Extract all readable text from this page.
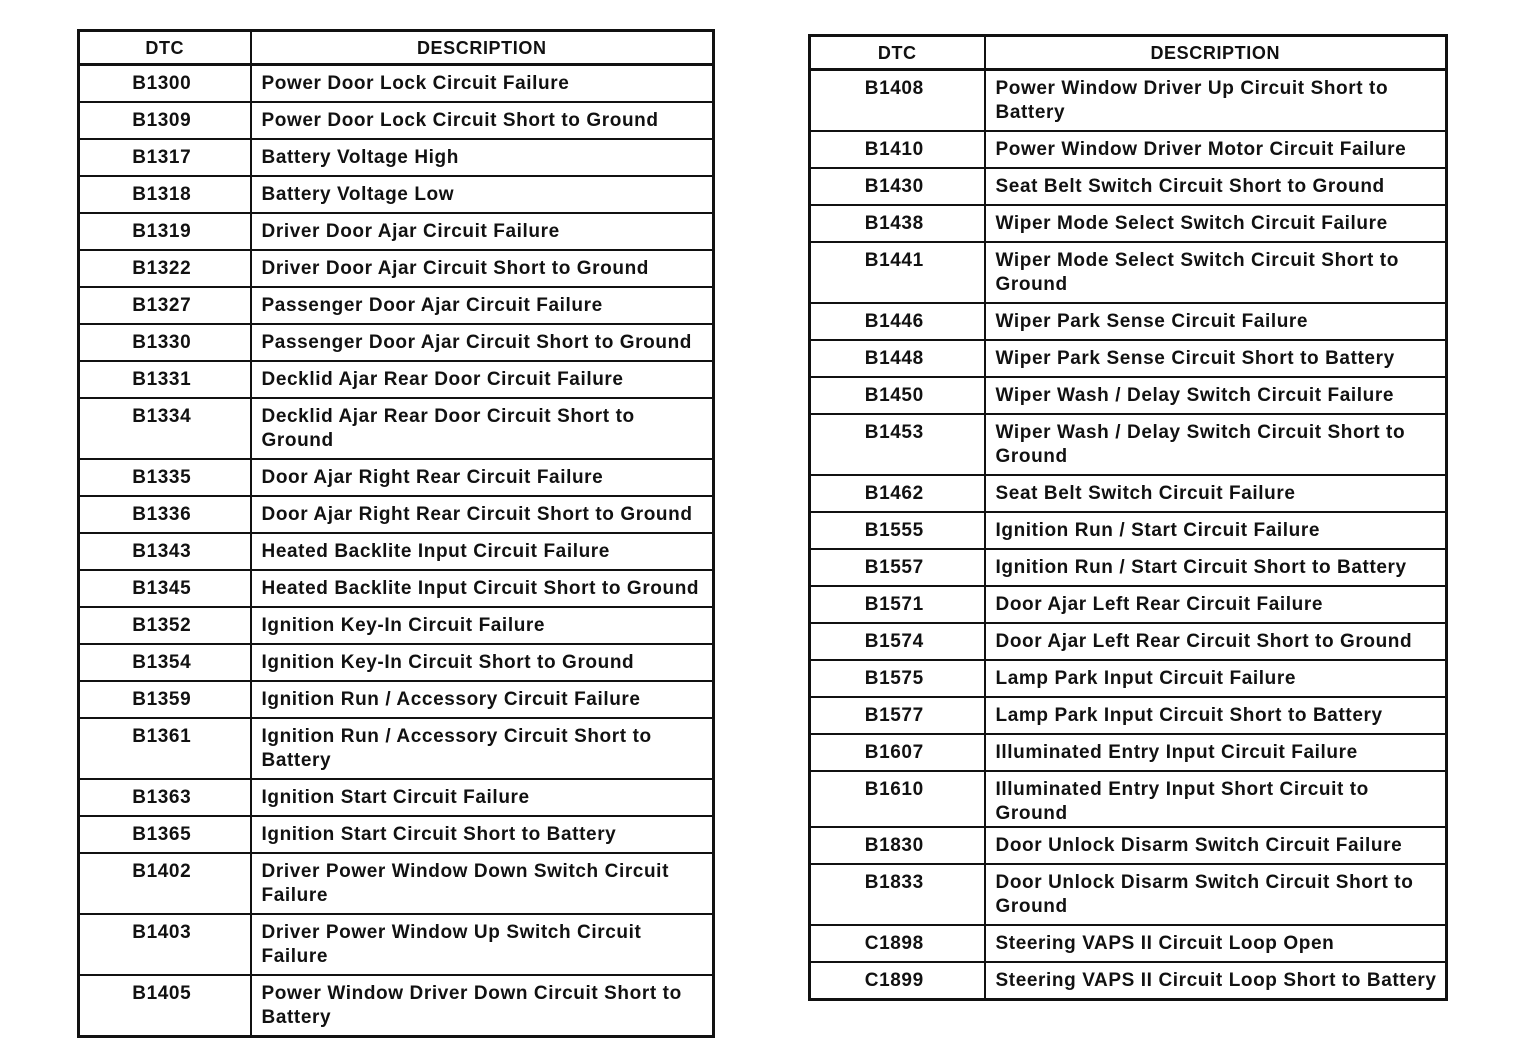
DTC	DESCRIPTION
B1300	Power Door Lock Circuit Failure
B1309	Power Door Lock Circuit Short to Ground
B1317	Battery Voltage High
B1318	Battery Voltage Low
B1319	Driver Door Ajar Circuit Failure
B1322	Driver Door Ajar Circuit Short to Ground
B1327	Passenger Door Ajar Circuit Failure
B1330	Passenger Door Ajar Circuit Short to Ground
B1331	Decklid Ajar Rear Door Circuit Failure
B1334	Decklid Ajar Rear Door Circuit Short to Ground
B1335	Door Ajar Right Rear Circuit Failure
B1336	Door Ajar Right Rear Circuit Short to Ground
B1343	Heated Backlite Input Circuit Failure
B1345	Heated Backlite Input Circuit Short to Ground
B1352	Ignition Key-In Circuit Failure
B1354	Ignition Key-In Circuit Short to Ground
B1359	Ignition Run / Accessory Circuit Failure
B1361	Ignition Run / Accessory Circuit Short to Battery
B1363	Ignition Start Circuit Failure
B1365	Ignition Start Circuit Short to Battery
B1402	Driver Power Window Down Switch Circuit Failure
B1403	Driver Power Window Up Switch Circuit Failure
B1405	Power Window Driver Down Circuit Short to Battery
DTC	DESCRIPTION
B1408	Power Window Driver Up Circuit Short to Battery
B1410	Power Window Driver Motor Circuit Failure
B1430	Seat Belt Switch Circuit Short to Ground
B1438	Wiper Mode Select Switch Circuit Failure
B1441	Wiper Mode Select Switch Circuit Short to Ground
B1446	Wiper Park Sense Circuit Failure
B1448	Wiper Park Sense Circuit Short to Battery
B1450	Wiper Wash / Delay Switch Circuit Failure
B1453	Wiper Wash / Delay Switch Circuit Short to Ground
B1462	Seat Belt Switch Circuit Failure
B1555	Ignition Run / Start Circuit Failure
B1557	Ignition Run / Start Circuit Short to Battery
B1571	Door Ajar Left Rear Circuit Failure
B1574	Door Ajar Left Rear Circuit Short to Ground
B1575	Lamp Park Input Circuit Failure
B1577	Lamp Park Input Circuit Short to Battery
B1607	Illuminated Entry Input Circuit Failure
B1610	Illuminated Entry Input Short Circuit to Ground
B1830	Door Unlock Disarm Switch Circuit Failure
B1833	Door Unlock Disarm Switch Circuit Short to Ground
C1898	Steering VAPS II Circuit Loop Open
C1899	Steering VAPS II Circuit Loop Short to Battery
